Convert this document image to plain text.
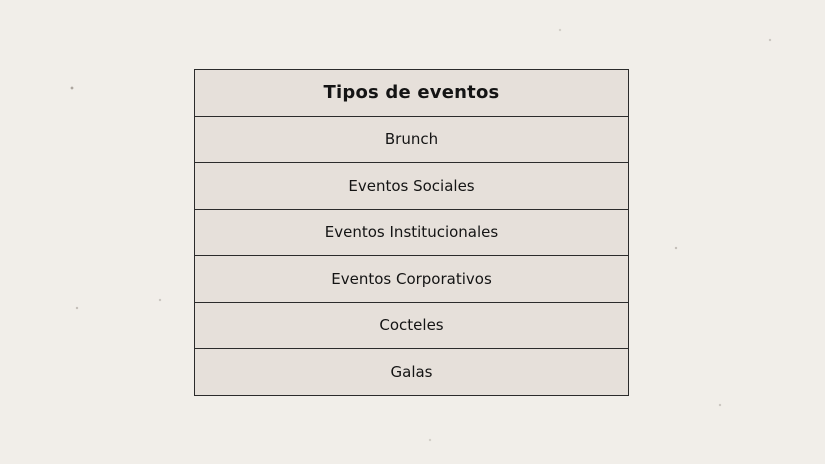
Tipos de eventos
Brunch
Eventos Sociales
Eventos Institucionales
Eventos Corporativos
Cocteles
Galas
